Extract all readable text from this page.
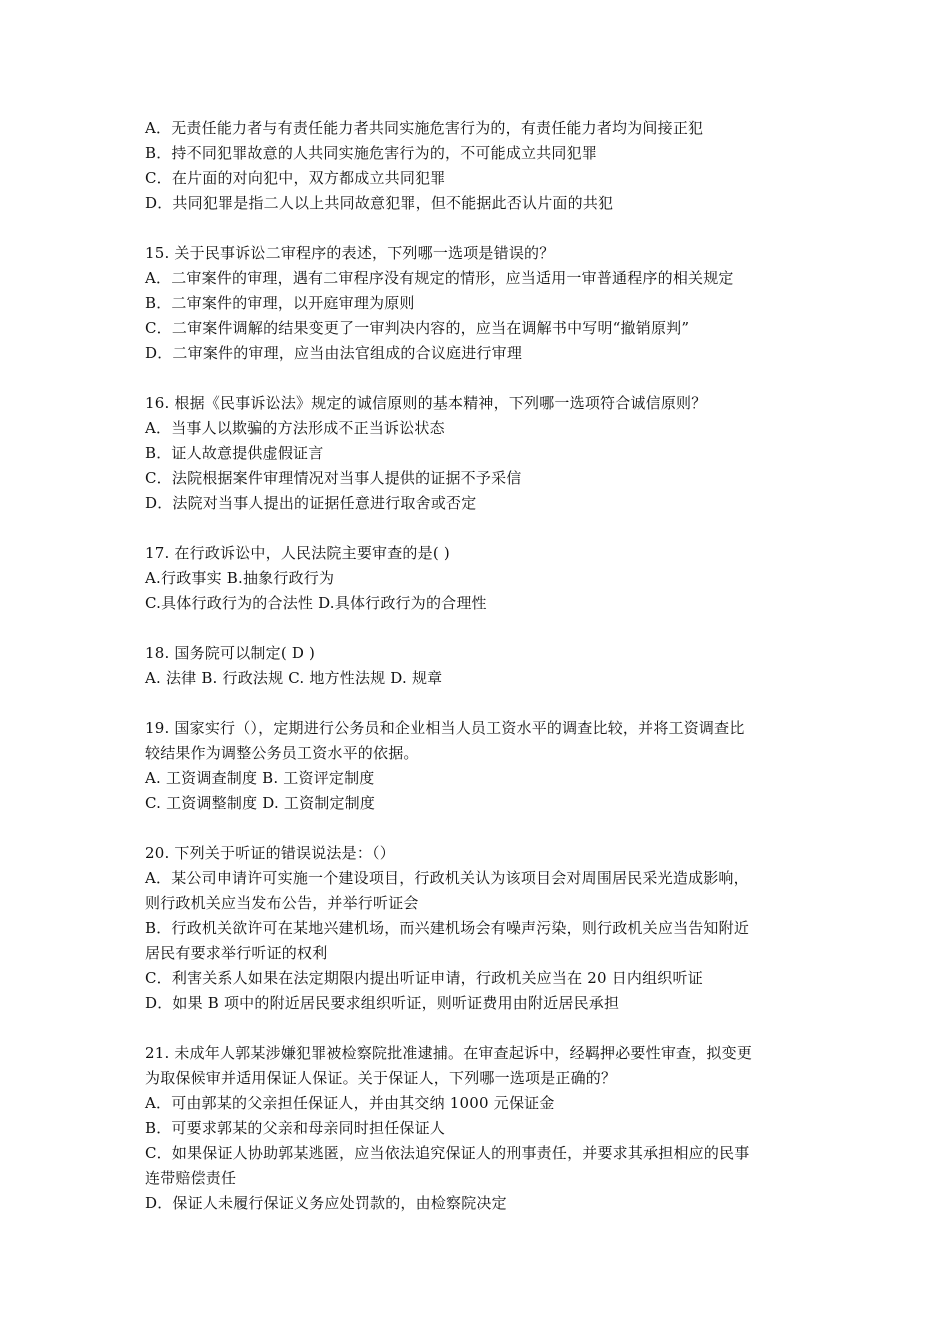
A．无责任能力者与有责任能力者共同实施危害行为的，有责任能力者均为间接正犯
B．持不同犯罪故意的人共同实施危害行为的，不可能成立共同犯罪
C．在片面的对向犯中，双方都成立共同犯罪
D．共同犯罪是指二人以上共同故意犯罪，但不能据此否认片面的共犯
15. 关于民事诉讼二审程序的表述，下列哪一选项是错误的？
A．二审案件的审理，遇有二审程序没有规定的情形，应当适用一审普通程序的相关规定
B．二审案件的审理，以开庭审理为原则
C．二审案件调解的结果变更了一审判决内容的，应当在调解书中写明“撤销原判”
D．二审案件的审理，应当由法官组成的合议庭进行审理
16. 根据《民事诉讼法》规定的诚信原则的基本精神，下列哪一选项符合诚信原则？
A．当事人以欺骗的方法形成不正当诉讼状态
B．证人故意提供虚假证言
C．法院根据案件审理情况对当事人提供的证据不予采信
D．法院对当事人提出的证据任意进行取舍或否定
17. 在行政诉讼中，人民法院主要审查的是( )
A.行政事实 B.抽象行政行为
C.具体行政行为的合法性 D.具体行政行为的合理性
18. 国务院可以制定( D )
A. 法律 B. 行政法规 C. 地方性法规 D. 规章
19. 国家实行（），定期进行公务员和企业相当人员工资水平的调查比较，并将工资调查比
较结果作为调整公务员工资水平的依据。
A. 工资调查制度 B. 工资评定制度
C. 工资调整制度 D. 工资制定制度
20. 下列关于听证的错误说法是：（）
A．某公司申请许可实施一个建设项目，行政机关认为该项目会对周围居民采光造成影响，
则行政机关应当发布公告，并举行听证会
B．行政机关欲许可在某地兴建机场，而兴建机场会有噪声污染，则行政机关应当告知附近
居民有要求举行听证的权利
C．利害关系人如果在法定期限内提出听证申请，行政机关应当在 20 日内组织听证
D．如果 B 项中的附近居民要求组织听证，则听证费用由附近居民承担
21. 未成年人郭某涉嫌犯罪被检察院批准逮捕。在审查起诉中，经羁押必要性审查，拟变更
为取保候审并适用保证人保证。关于保证人，下列哪一选项是正确的？
A．可由郭某的父亲担任保证人，并由其交纳 1000 元保证金
B．可要求郭某的父亲和母亲同时担任保证人
C．如果保证人协助郭某逃匿，应当依法追究保证人的刑事责任，并要求其承担相应的民事
连带赔偿责任
D．保证人未履行保证义务应处罚款的，由检察院决定
